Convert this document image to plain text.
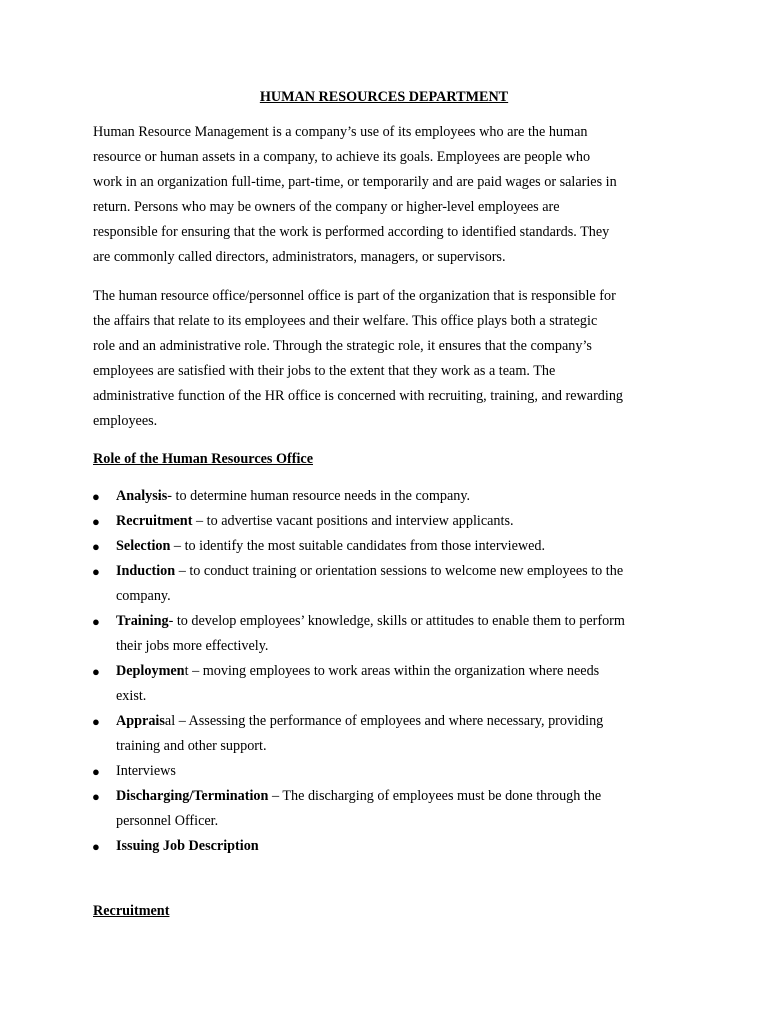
HUMAN RESOURCES DEPARTMENT
Human Resource Management is a company’s use of its employees who are the human
resource or human assets in a company, to achieve its goals. Employees are people who
work in an organization full-time, part-time, or temporarily and are paid wages or salaries in
return. Persons who may be owners of the company or higher-level employees are
responsible for ensuring that the work is performed according to identified standards. They
are commonly called directors, administrators, managers, or supervisors.
The human resource office/personnel office is part of the organization that is responsible for
the affairs that relate to its employees and their welfare. This office plays both a strategic
role and an administrative role. Through the strategic role, it ensures that the company’s
employees are satisfied with their jobs to the extent that they work as a team. The
administrative function of the HR office is concerned with recruiting, training, and rewarding
employees.
Role of the Human Resources Office
● Analysis- to determine human resource needs in the company.
● Recruitment – to advertise vacant positions and interview applicants.
● Selection – to identify the most suitable candidates from those interviewed.
● Induction – to conduct training or orientation sessions to welcome new employees to the
company.
● Training- to develop employees’ knowledge, skills or attitudes to enable them to perform
their jobs more effectively.
● Deployment – moving employees to work areas within the organization where needs
exist.
● Appraisal – Assessing the performance of employees and where necessary, providing
training and other support.
● Interviews
● Discharging/Termination – The discharging of employees must be done through the
personnel Officer.
● Issuing Job Description
Recruitment
